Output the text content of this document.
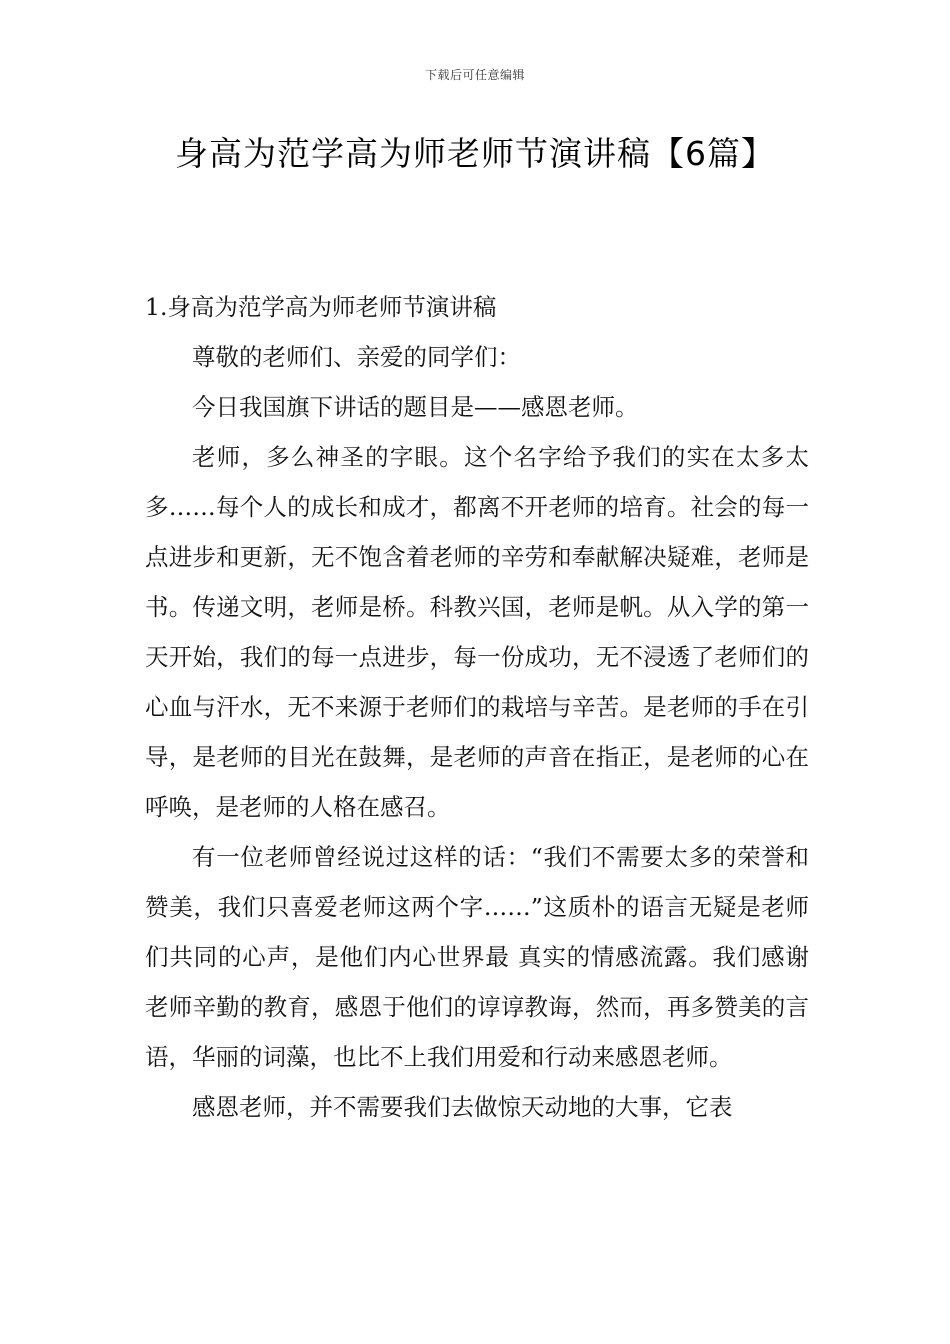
下载后可任意编辑
身高为范学高为师老师节演讲稿【6篇】
1.身高为范学高为师老师节演讲稿

尊敬的老师们、亲爱的同学们：

今日我国旗下讲话的题目是——感恩老师。

老师，多么神圣的字眼。这个名字给予我们的实在太多太多……每个人的成长和成才，都离不开老师的培育。社会的每一点进步和更新，无不饱含着老师的辛劳和奉献解决疑难，老师是书。传递文明，老师是桥。科教兴国，老师是帆。从入学的第一天开始，我们的每一点进步，每一份成功，无不浸透了老师们的心血与汗水，无不来源于老师们的栽培与辛苦。是老师的手在引导，是老师的目光在鼓舞，是老师的声音在指正，是老师的心在呼唤，是老师的人格在感召。

有一位老师曾经说过这样的话：“我们不需要太多的荣誉和赞美，我们只喜爱老师这两个字……”这质朴的语言无疑是老师们共同的心声，是他们内心世界最 真实的情感流露。我们感谢老师辛勤的教育，感恩于他们的谆谆教诲，然而，再多赞美的言语，华丽的词藻，也比不上我们用爱和行动来感恩老师。

感恩老师，并不需要我们去做惊天动地的大事，它表
